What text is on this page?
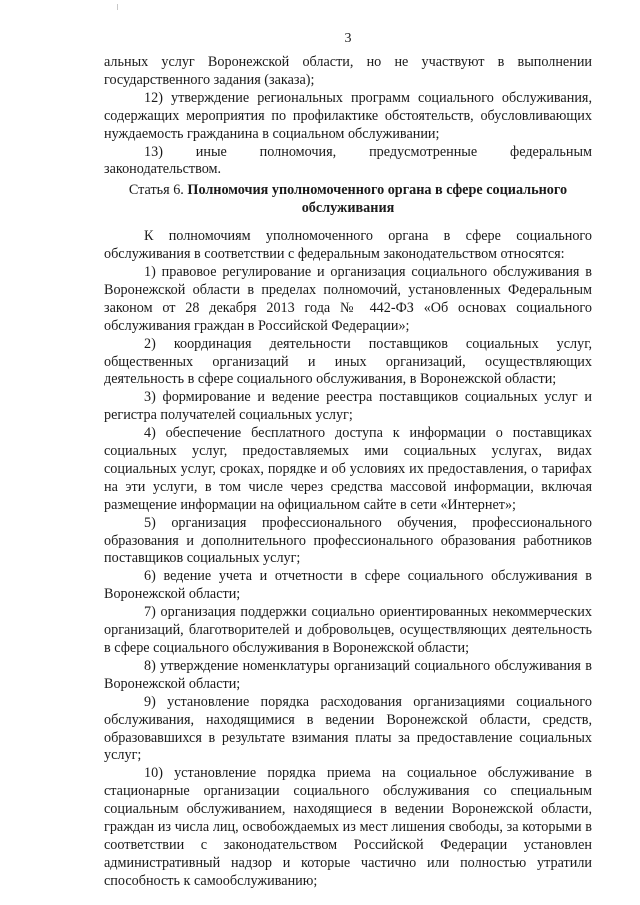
3

альных услуг Воронежской области, но не участвуют в выполнении государственного задания (заказа);

12) утверждение региональных программ социального обслуживания, содержащих мероприятия по профилактике обстоятельств, обусловливающих нуждаемость гражданина в социальном обслуживании;

13) иные полномочия, предусмотренные федеральным законодательством.

Статья 6. Полномочия уполномоченного органа в сфере социального обслуживания

К полномочиям уполномоченного органа в сфере социального обслуживания в соответствии с федеральным законодательством относятся:

1) правовое регулирование и организация социального обслуживания в Воронежской области в пределах полномочий, установленных Федеральным законом от 28 декабря 2013 года № 442-ФЗ «Об основах социального обслуживания граждан в Российской Федерации»;

2) координация деятельности поставщиков социальных услуг, общественных организаций и иных организаций, осуществляющих деятельность в сфере социального обслуживания, в Воронежской области;

3) формирование и ведение реестра поставщиков социальных услуг и регистра получателей социальных услуг;

4) обеспечение бесплатного доступа к информации о поставщиках социальных услуг, предоставляемых ими социальных услугах, видах социальных услуг, сроках, порядке и об условиях их предоставления, о тарифах на эти услуги, в том числе через средства массовой информации, включая размещение информации на официальном сайте в сети «Интернет»;

5) организация профессионального обучения, профессионального образования и дополнительного профессионального образования работников поставщиков социальных услуг;

6) ведение учета и отчетности в сфере социального обслуживания в Воронежской области;

7) организация поддержки социально ориентированных некоммерческих организаций, благотворителей и добровольцев, осуществляющих деятельность в сфере социального обслуживания в Воронежской области;

8) утверждение номенклатуры организаций социального обслуживания в Воронежской области;

9) установление порядка расходования организациями социального обслуживания, находящимися в ведении Воронежской области, средств, образовавшихся в результате взимания платы за предоставление социальных услуг;

10) установление порядка приема на социальное обслуживание в стационарные организации социального обслуживания со специальным социальным обслуживанием, находящиеся в ведении Воронежской области, граждан из числа лиц, освобождаемых из мест лишения свободы, за которыми в соответствии с законодательством Российской Федерации установлен административный надзор и которые частично или полностью утратили способность к самообслуживанию;
